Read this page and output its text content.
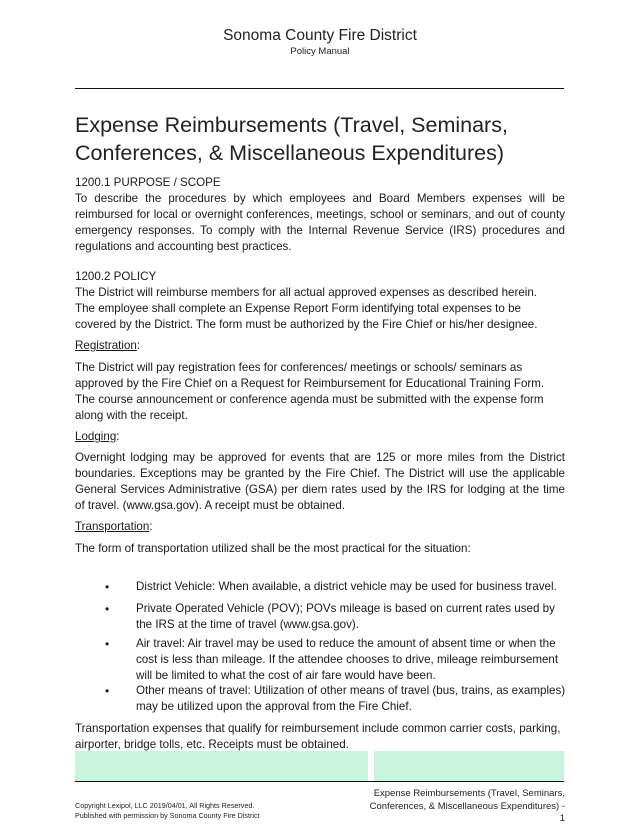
Sonoma County Fire District
Policy Manual
Expense Reimbursements (Travel, Seminars,
Conferences, & Miscellaneous Expenditures)
1200.1 PURPOSE / SCOPE
To describe the procedures by which employees and Board Members expenses will be reimbursed for local or overnight conferences, meetings, school or seminars, and out of county emergency responses. To comply with the Internal Revenue Service (IRS) procedures and regulations and accounting best practices.
1200.2 POLICY
The District will reimburse members for all actual approved expenses as described herein.
The employee shall complete an Expense Report Form identifying total expenses to be
covered by the District. The form must be authorized by the Fire Chief or his/her designee.
Registration:
The District will pay registration fees for conferences/ meetings or schools/ seminars as
approved by the Fire Chief on a Request for Reimbursement for Educational Training Form.
The course announcement or conference agenda must be submitted with the expense form
along with the receipt.
Lodging:
Overnight lodging may be approved for events that are 125 or more miles from the District boundaries. Exceptions may be granted by the Fire Chief. The District will use the applicable General Services Administrative (GSA) per diem rates used by the IRS for lodging at the time of travel. (www.gsa.gov). A receipt must be obtained.
Transportation:
The form of transportation utilized shall be the most practical for the situation:
• District Vehicle: When available, a district vehicle may be used for business travel.
• Private Operated Vehicle (POV); POVs mileage is based on current rates used by the IRS at the time of travel (www.gsa.gov).
• Air travel: Air travel may be used to reduce the amount of absent time or when the cost is less than mileage. If the attendee chooses to drive, mileage reimbursement will be limited to what the cost of air fare would have been.
• Other means of travel: Utilization of other means of travel (bus, trains, as examples) may be utilized upon the approval from the Fire Chief.
Transportation expenses that qualify for reimbursement include common carrier costs, parking, airporter, bridge tolls, etc. Receipts must be obtained.
Copyright Lexipol, LLC 2019/04/01, All Rights Reserved.
Published with permission by Sonoma County Fire District
Expense Reimbursements (Travel, Seminars,
Conferences, & Miscellaneous Expenditures) -
1
